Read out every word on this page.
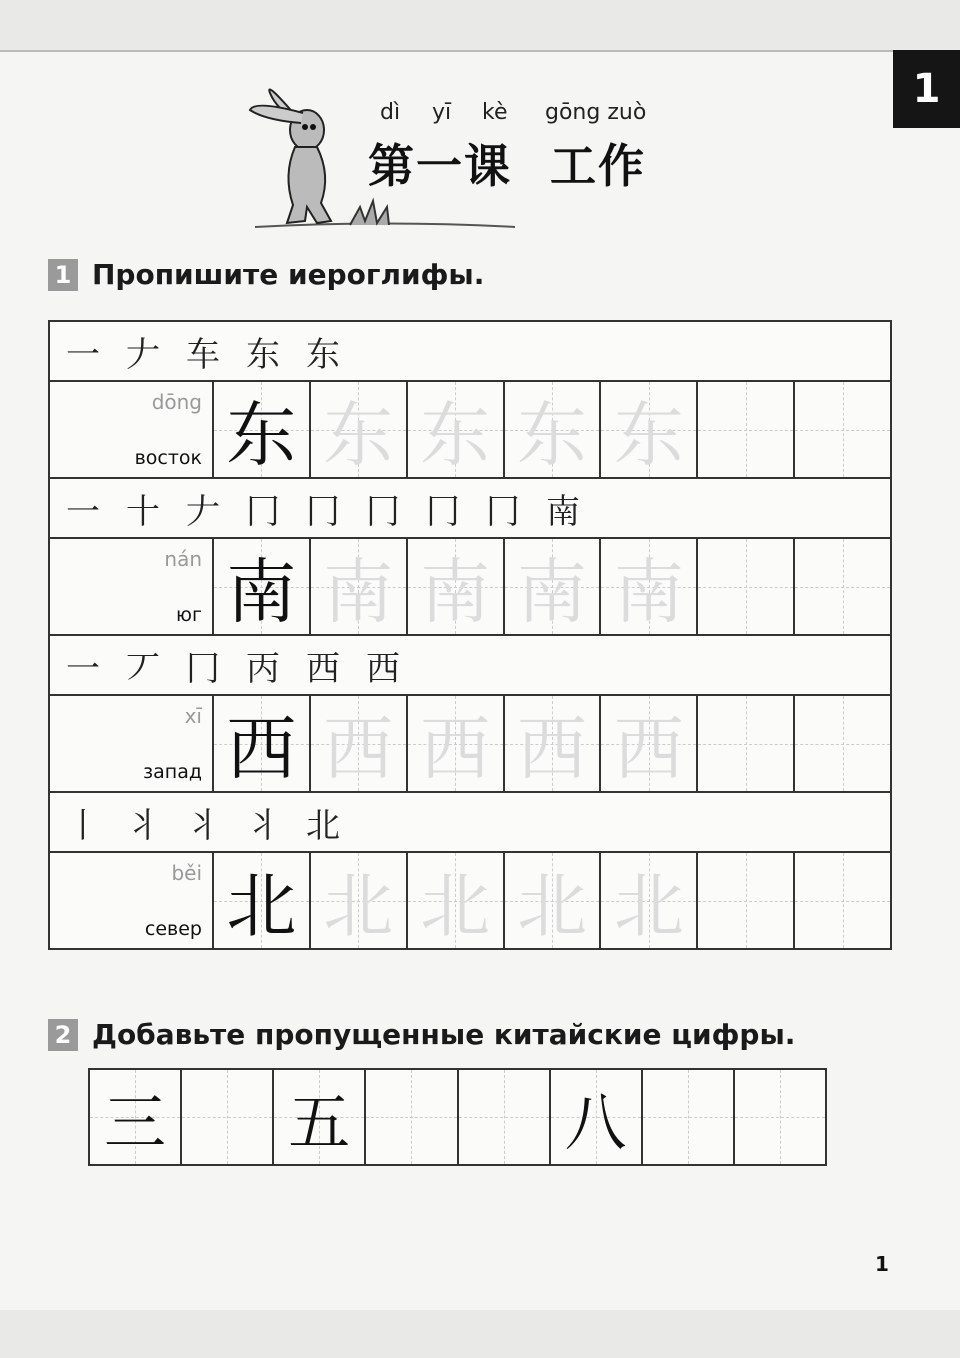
1
dì yī kè gōng zuò
第一课 工作
1 Пропишите иероглифы.
一 𠂇 车 东 东
dōng
восток 东 东 东 东 东
一 十 𠂇 冂 冂 冂 冂 冂 南
nán
юг 南 南 南 南 南
一 丆 冂 丙 西 西
xī
запад 西 西 西 西 西
丨 丬 丬 丬 北
běi
север 北 北 北 北 北
2 Добавьте пропущенные китайские цифры.
三 五	八
1
